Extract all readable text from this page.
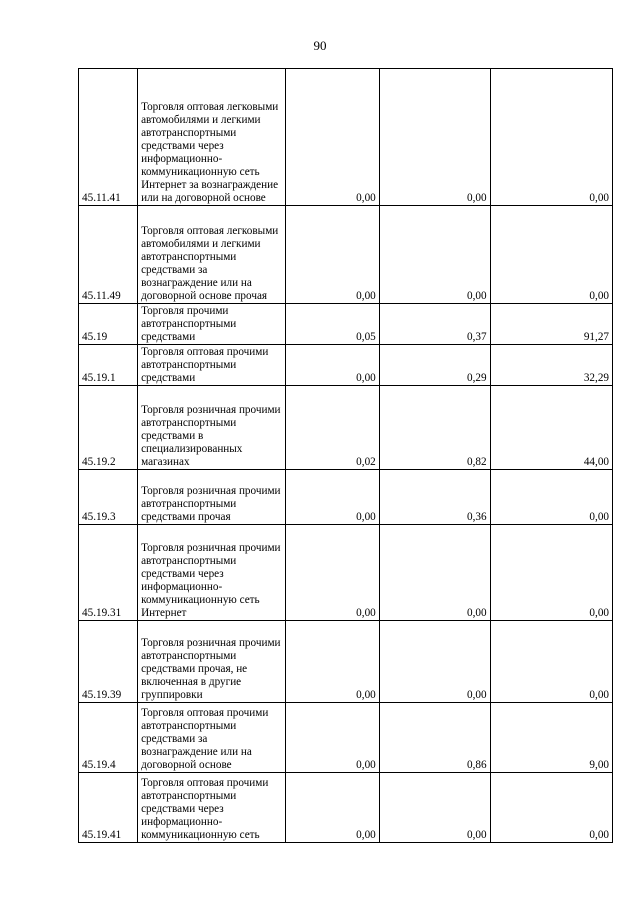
90
45.11.41	Торговля оптовая легковыми автомобилями и легкими автотранспортными средствами через информационно-коммуникационную сеть Интернет за вознаграждение или на договорной основе	0,00	0,00	0,00
45.11.49	Торговля оптовая легковыми автомобилями и легкими автотранспортными средствами за вознаграждение или на договорной основе прочая	0,00	0,00	0,00
45.19	Торговля прочими автотранспортными средствами	0,05	0,37	91,27
45.19.1	Торговля оптовая прочими автотранспортными средствами	0,00	0,29	32,29
45.19.2	Торговля розничная прочими автотранспортными средствами в специализированных магазинах	0,02	0,82	44,00
45.19.3	Торговля розничная прочими автотранспортными средствами прочая	0,00	0,36	0,00
45.19.31	Торговля розничная прочими автотранспортными средствами через информационно-коммуникационную сеть Интернет	0,00	0,00	0,00
45.19.39	Торговля розничная прочими автотранспортными средствами прочая, не включенная в другие группировки	0,00	0,00	0,00
45.19.4	Торговля оптовая прочими автотранспортными средствами за вознаграждение или на договорной основе	0,00	0,86	9,00
45.19.41	Торговля оптовая прочими автотранспортными средствами через информационно-коммуникационную сеть	0,00	0,00	0,00
